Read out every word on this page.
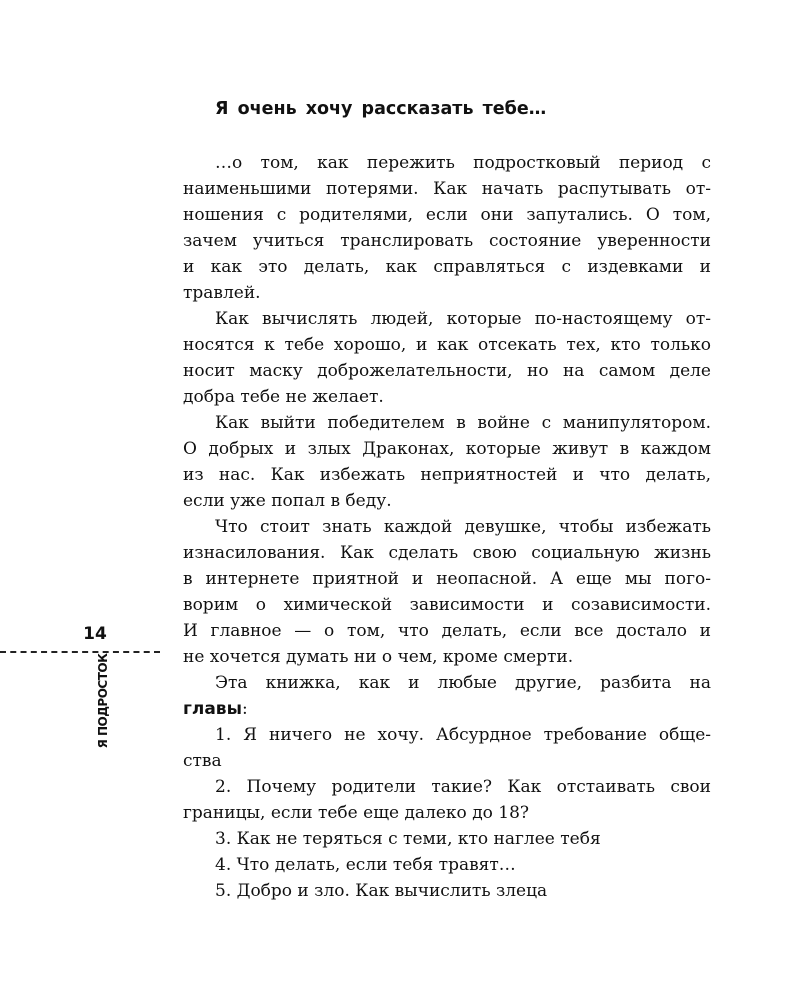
Я очень хочу рассказать тебе…
…о том, как пережить подростковый период с
наименьшими потерями. Как начать распутывать от-
ношения с родителями, если они запутались. О том,
зачем учиться транслировать состояние уверенности
и как это делать, как справляться с издевками и
травлей.
Как вычислять людей, которые по-настоящему от-
носятся к тебе хорошо, и как отсекать тех, кто только
носит маску доброжелательности, но на самом деле
добра тебе не желает.
Как выйти победителем в войне с манипулятором.
О добрых и злых Драконах, которые живут в каждом
из нас. Как избежать неприятностей и что делать,
если уже попал в беду.
Что стоит знать каждой девушке, чтобы избежать
изнасилования. Как сделать свою социальную жизнь
в интернете приятной и неопасной. А еще мы пого-
ворим о химической зависимости и созависимости.
И главное — о том, что делать, если все достало и
не хочется думать ни о чем, кроме смерти.
Эта книжка, как и любые другие, разбита на
главы:
1. Я ничего не хочу. Абсурдное требование обще-
ства
2. Почему родители такие? Как отстаивать свои
границы, если тебе еще далеко до 18?
3. Как не теряться с теми, кто наглее тебя
4. Что делать, если тебя травят…
5. Добро и зло. Как вычислить злеца
14
Я ПОДРОСТОК
